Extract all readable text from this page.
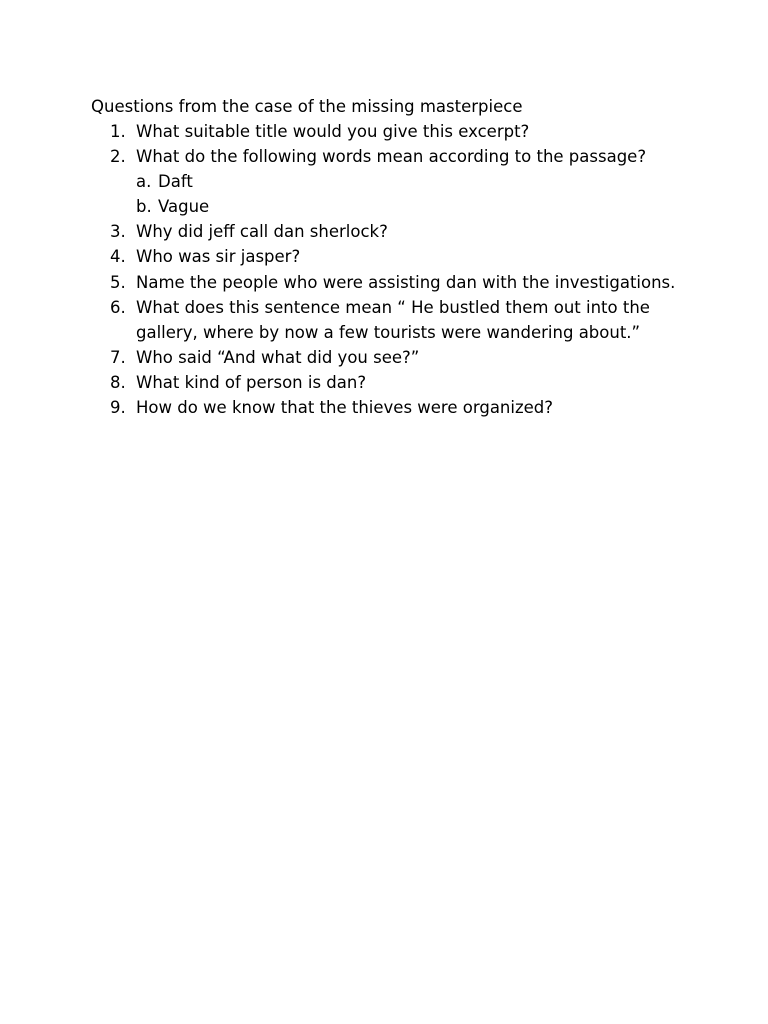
Questions from the case of the missing masterpiece
1. What suitable title would you give this excerpt?
2. What do the following words mean according to the passage?
a. Daft
b. Vague
3. Why did jeff call dan sherlock?
4. Who was sir jasper?
5. Name the people who were assisting dan with the investigations.
6. What does this sentence mean “ He bustled them out into the
gallery, where by now a few tourists were wandering about.”
7. Who said “And what did you see?”
8. What kind of person is dan?
9. How do we know that the thieves were organized?
